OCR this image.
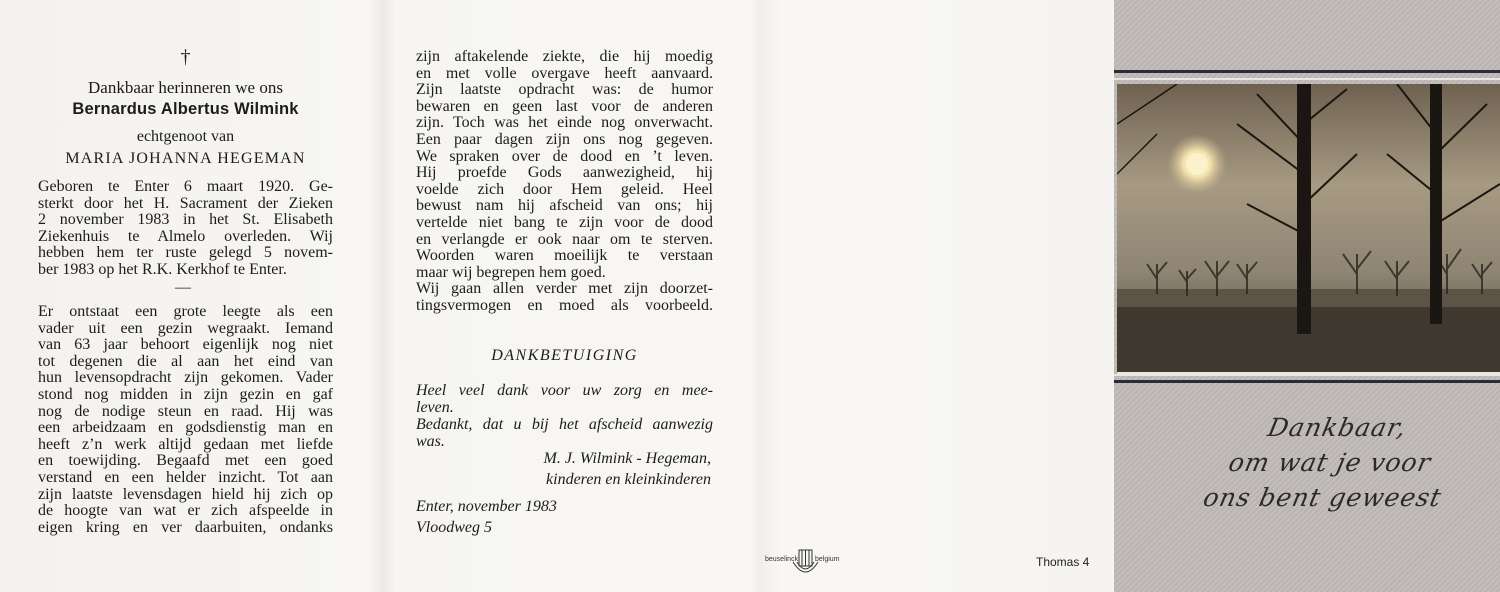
†
Dankbaar herinneren we ons
Bernardus Albertus Wilmink
echtgenoot van
MARIA JOHANNA HEGEMAN
Geboren te Enter 6 maart 1920. Ge-
sterkt door het H. Sacrament der Zieken
2 november 1983 in het St. Elisabeth
Ziekenhuis te Almelo overleden. Wij
hebben hem ter ruste gelegd 5 novem-
ber 1983 op het R.K. Kerkhof te Enter.
—
Er ontstaat een grote leegte als een
vader uit een gezin wegraakt. Iemand
van 63 jaar behoort eigenlijk nog niet
tot degenen die al aan het eind van
hun levensopdracht zijn gekomen. Vader
stond nog midden in zijn gezin en gaf
nog de nodige steun en raad. Hij was
een arbeidzaam en godsdienstig man en
heeft z’n werk altijd gedaan met liefde
en toewijding. Begaafd met een goed
verstand en een helder inzicht. Tot aan
zijn laatste levensdagen hield hij zich op
de hoogte van wat er zich afspeelde in
eigen kring en ver daarbuiten, ondanks
zijn aftakelende ziekte, die hij moedig
en met volle overgave heeft aanvaard.
Zijn laatste opdracht was: de humor
bewaren en geen last voor de anderen
zijn. Toch was het einde nog onverwacht.
Een paar dagen zijn ons nog gegeven.
We spraken over de dood en ’t leven.
Hij proefde Gods aanwezigheid, hij
voelde zich door Hem geleid. Heel
bewust nam hij afscheid van ons; hij
vertelde niet bang te zijn voor de dood
en verlangde er ook naar om te sterven.
Woorden waren moeilijk te verstaan
maar wij begrepen hem goed.
Wij gaan allen verder met zijn doorzet-
tingsvermogen en moed als voorbeeld.
DANKBETUIGING
Heel veel dank voor uw zorg en mee-
leven.
Bedankt, dat u bij het afscheid aanwezig
was.
M. J. Wilmink - Hegeman,
kinderen en kleinkinderen
Enter, november 1983
Vloodweg 5
beuselinck belgium	Thomas 4
Dankbaar,
om wat je voor
ons bent geweest
